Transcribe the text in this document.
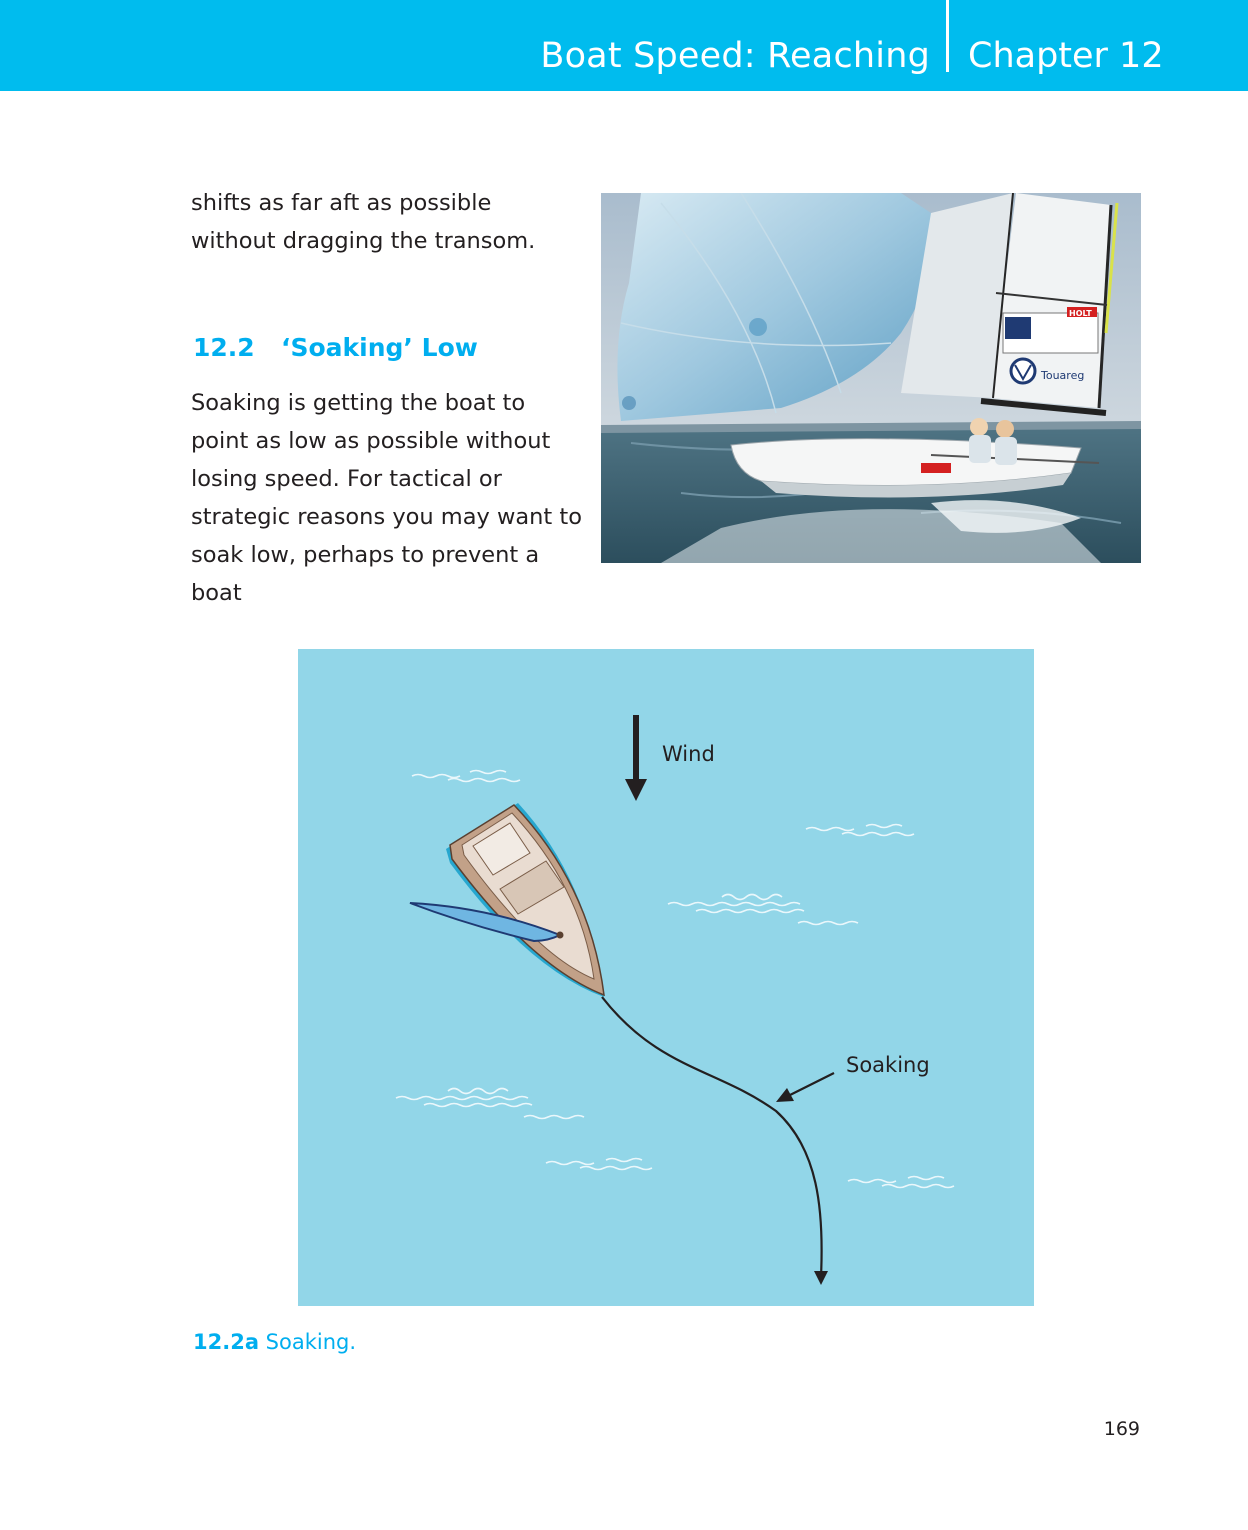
Boat Speed: Reaching Chapter 12

shifts as far aft as possible without dragging the transom.

12.2 ‘Soaking’ Low

Soaking is getting the boat to point as low as possible without losing speed. For tactical or strategic reasons you may want to soak low, perhaps to prevent a boat

Touareg
HOLT
Wind
Soaking
12.2a Soaking.
169
